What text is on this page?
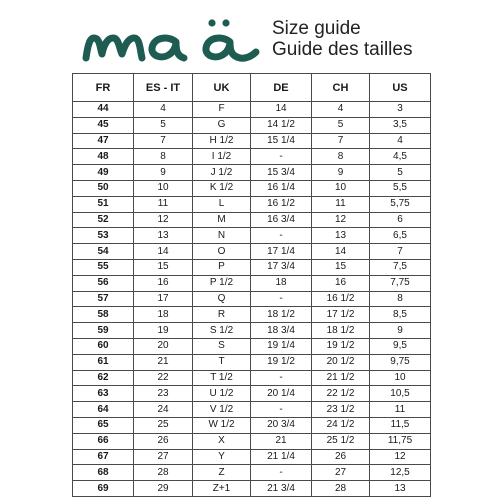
Size guide
Guide des tailles
FR	ES - IT	UK	DE	CH	US
44	4	F	14	4	3
45	5	G	14 1/2	5	3,5
47	7	H 1/2	15 1/4	7	4
48	8	I 1/2	-	8	4,5
49	9	J 1/2	15 3/4	9	5
50	10	K 1/2	16 1/4	10	5,5
51	11	L	16 1/2	11	5,75
52	12	M	16 3/4	12	6
53	13	N	-	13	6,5
54	14	O	17 1/4	14	7
55	15	P	17 3/4	15	7,5
56	16	P 1/2	18	16	7,75
57	17	Q	-	16 1/2	8
58	18	R	18 1/2	17 1/2	8,5
59	19	S 1/2	18 3/4	18 1/2	9
60	20	S	19 1/4	19 1/2	9,5
61	21	T	19 1/2	20 1/2	9,75
62	22	T 1/2	-	21 1/2	10
63	23	U 1/2	20 1/4	22 1/2	10,5
64	24	V 1/2	-	23 1/2	11
65	25	W 1/2	20 3/4	24 1/2	11,5
66	26	X	21	25 1/2	11,75
67	27	Y	21 1/4	26	12
68	28	Z	-	27	12,5
69	29	Z+1	21 3/4	28	13
